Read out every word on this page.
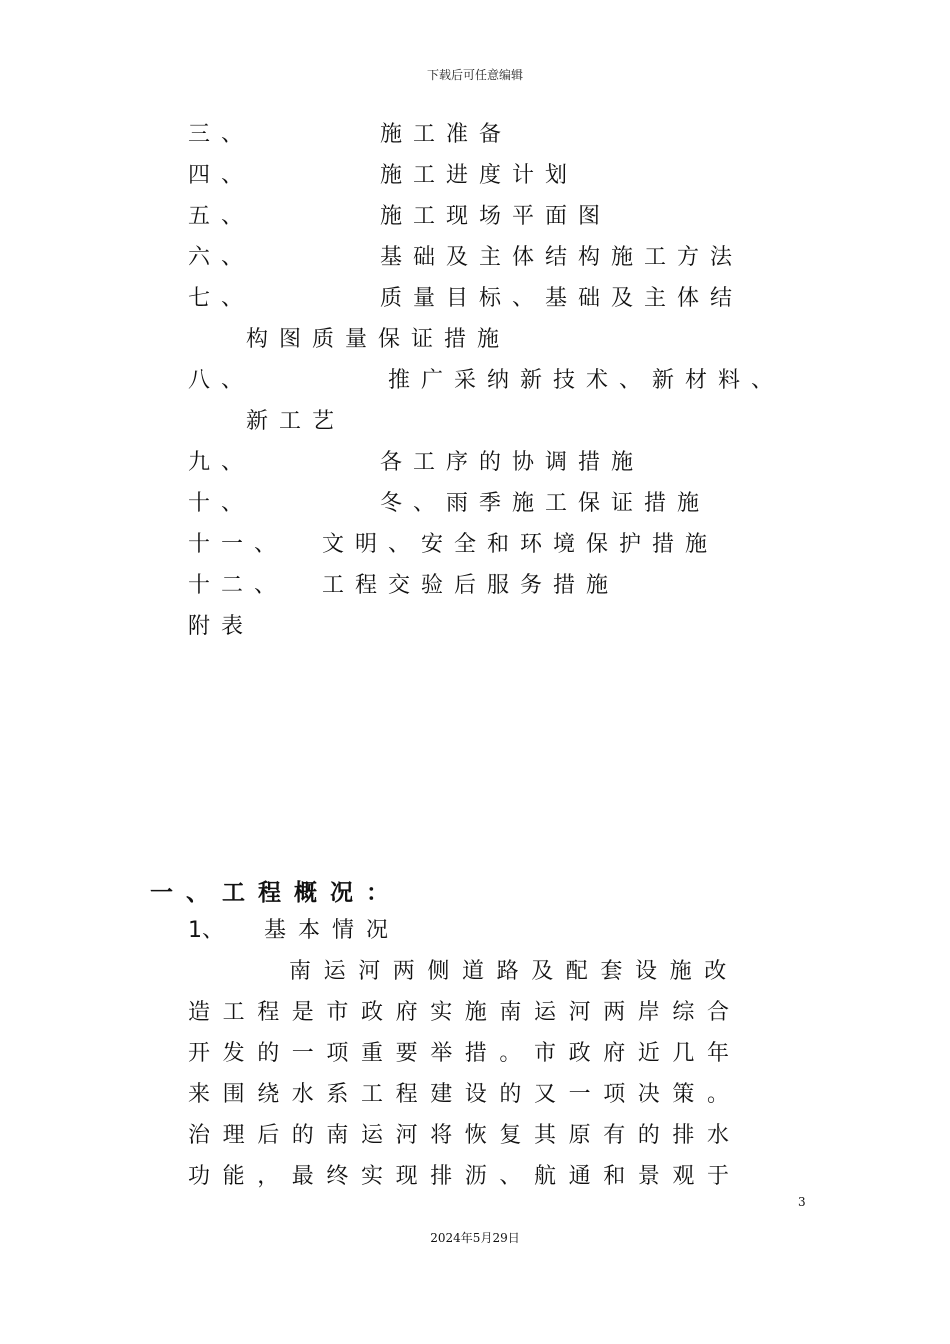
下载后可任意编辑
三、	施工准备
四、	施工进度计划
五、	施工现场平面图
六、	基础及主体结构施工方法
七、	质量目标、基础及主体结
构图质量保证措施
八、	推广采纳新技术、新材料、
新工艺
九、	各工序的协调措施
十、	冬、雨季施工保证措施
十一、 文明、安全和环境保护措施
十二、 工程交验后服务措施
附表
一、工程概况：
1、 基本情况
南运河两侧道路及配套设施改
造工程是市政府实施南运河两岸综合
开发的一项重要举措。市政府近几年
来围绕水系工程建设的又一项决策。
治理后的南运河将恢复其原有的排水
功能，最终实现排沥、航通和景观于
3
2024年5月29日
